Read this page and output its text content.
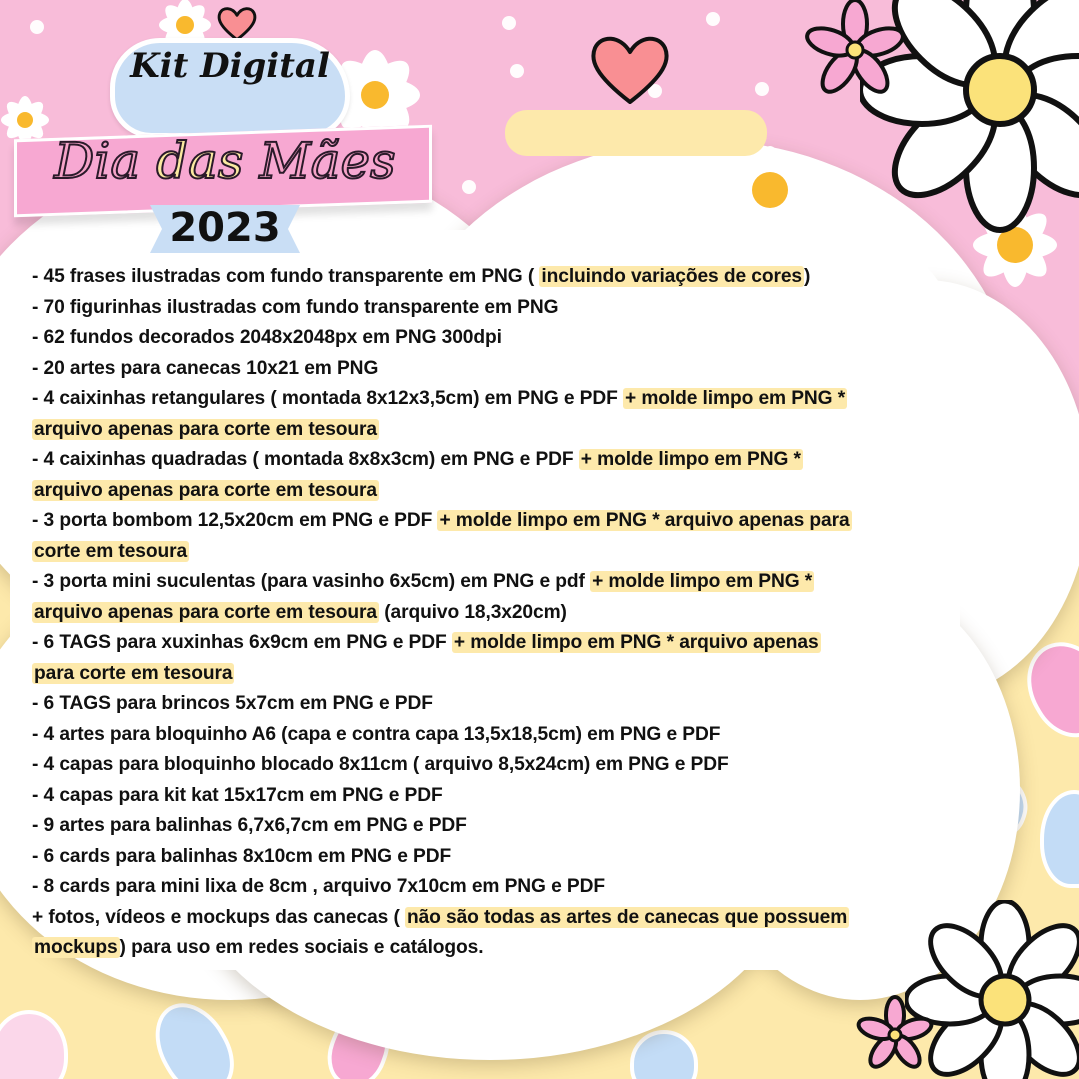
Kit Digital
Dia das Mães
2023
- 45 frases ilustradas com fundo transparente em PNG ( incluindo variações de cores )
- 70 figurinhas ilustradas com fundo transparente em PNG
- 62 fundos decorados 2048x2048px em PNG 300dpi
- 20 artes para canecas 10x21 em PNG
- 4 caixinhas retangulares ( montada 8x12x3,5cm) em PNG e PDF + molde limpo em PNG *
arquivo apenas para corte em tesoura
- 4 caixinhas quadradas ( montada 8x8x3cm) em PNG e PDF + molde limpo em PNG *
arquivo apenas para corte em tesoura
- 3 porta bombom 12,5x20cm em PNG e PDF + molde limpo em PNG * arquivo apenas para
corte em tesoura
- 3 porta mini suculentas (para vasinho 6x5cm) em PNG e pdf + molde limpo em PNG *
arquivo apenas para corte em tesoura (arquivo 18,3x20cm)
- 6 TAGS para xuxinhas 6x9cm em PNG e PDF + molde limpo em PNG * arquivo apenas
para corte em tesoura
- 6 TAGS para brincos 5x7cm em PNG e PDF
- 4 artes para bloquinho A6 (capa e contra capa 13,5x18,5cm) em PNG e PDF
- 4 capas para bloquinho blocado 8x11cm ( arquivo 8,5x24cm) em PNG e PDF
- 4 capas para kit kat 15x17cm em PNG e PDF
- 9 artes para balinhas 6,7x6,7cm em PNG e PDF
- 6 cards para balinhas 8x10cm em PNG e PDF
- 8 cards para mini lixa de 8cm , arquivo 7x10cm em PNG e PDF
+ fotos, vídeos e mockups das canecas ( não são todas as artes de canecas que possuem
mockups ) para uso em redes sociais e catálogos.
